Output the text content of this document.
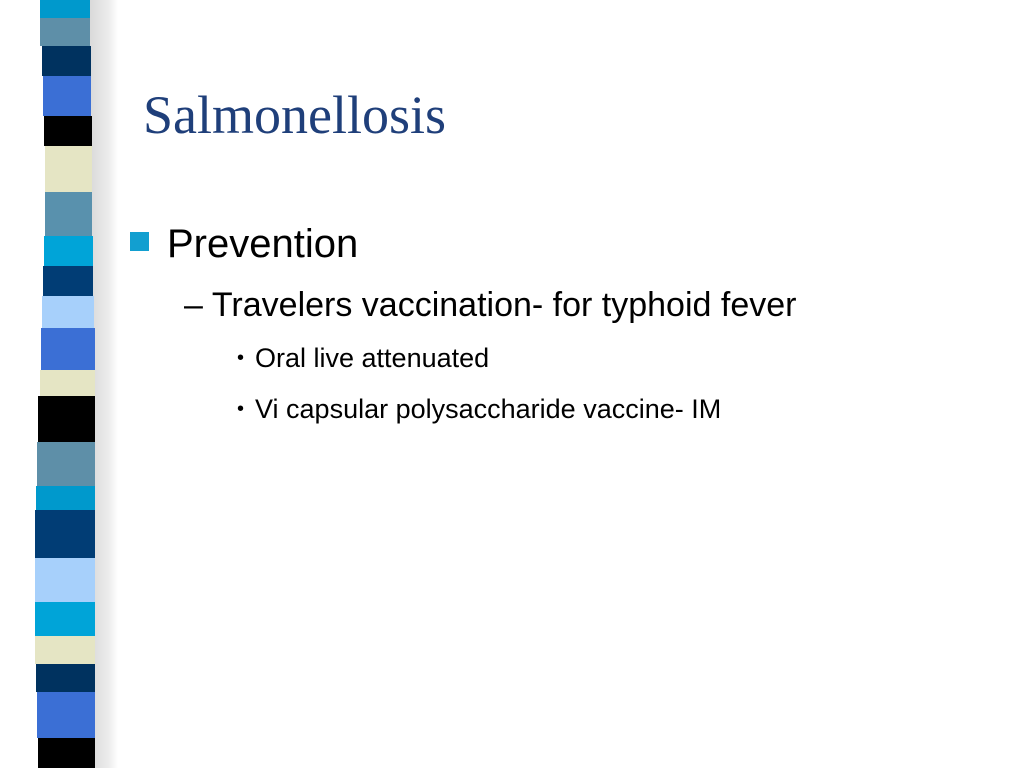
Salmonellosis
Prevention
– Travelers vaccination- for typhoid fever
• Oral live attenuated
• Vi capsular polysaccharide vaccine- IM
